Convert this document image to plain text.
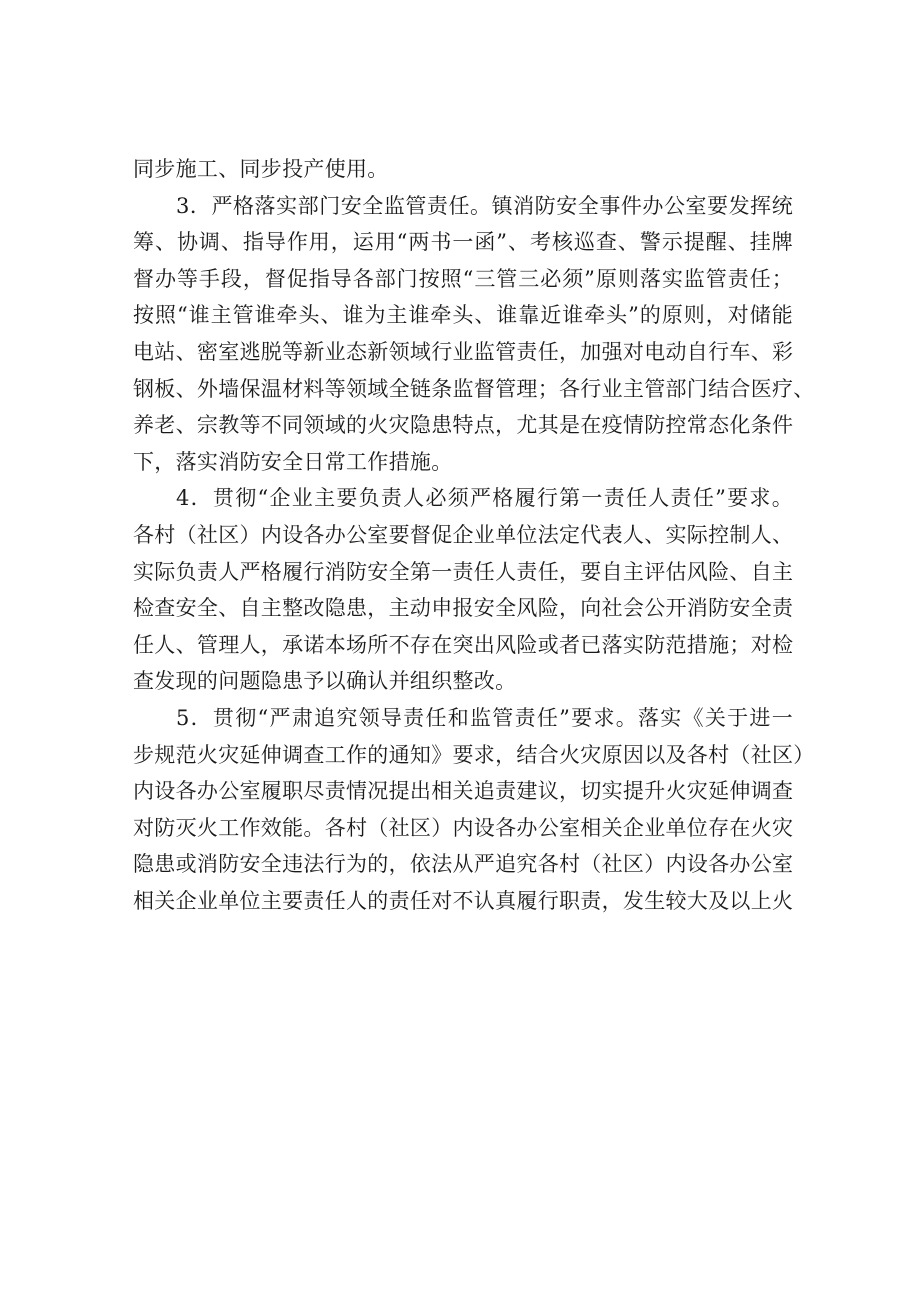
同步施工、同步投产使用。
3．严格落实部门安全监管责任。镇消防安全事件办公室要发挥统
筹、协调、指导作用，运用“两书一函”、考核巡查、警示提醒、挂牌
督办等手段，督促指导各部门按照“三管三必须”原则落实监管责任；
按照“谁主管谁牵头、谁为主谁牵头、谁靠近谁牵头”的原则，对储能
电站、密室逃脱等新业态新领域行业监管责任，加强对电动自行车、彩
钢板、外墙保温材料等领域全链条监督管理；各行业主管部门结合医疗、
养老、宗教等不同领域的火灾隐患特点，尤其是在疫情防控常态化条件
下，落实消防安全日常工作措施。
4．贯彻“企业主要负责人必须严格履行第一责任人责任”要求。
各村（社区）内设各办公室要督促企业单位法定代表人、实际控制人、
实际负责人严格履行消防安全第一责任人责任，要自主评估风险、自主
检查安全、自主整改隐患，主动申报安全风险，向社会公开消防安全责
任人、管理人，承诺本场所不存在突出风险或者已落实防范措施；对检
查发现的问题隐患予以确认并组织整改。
5．贯彻“严肃追究领导责任和监管责任”要求。落实《关于进一
步规范火灾延伸调查工作的通知》要求，结合火灾原因以及各村（社区）
内设各办公室履职尽责情况提出相关追责建议，切实提升火灾延伸调查
对防灭火工作效能。各村（社区）内设各办公室相关企业单位存在火灾
隐患或消防安全违法行为的，依法从严追究各村（社区）内设各办公室
相关企业单位主要责任人的责任对不认真履行职责，发生较大及以上火
